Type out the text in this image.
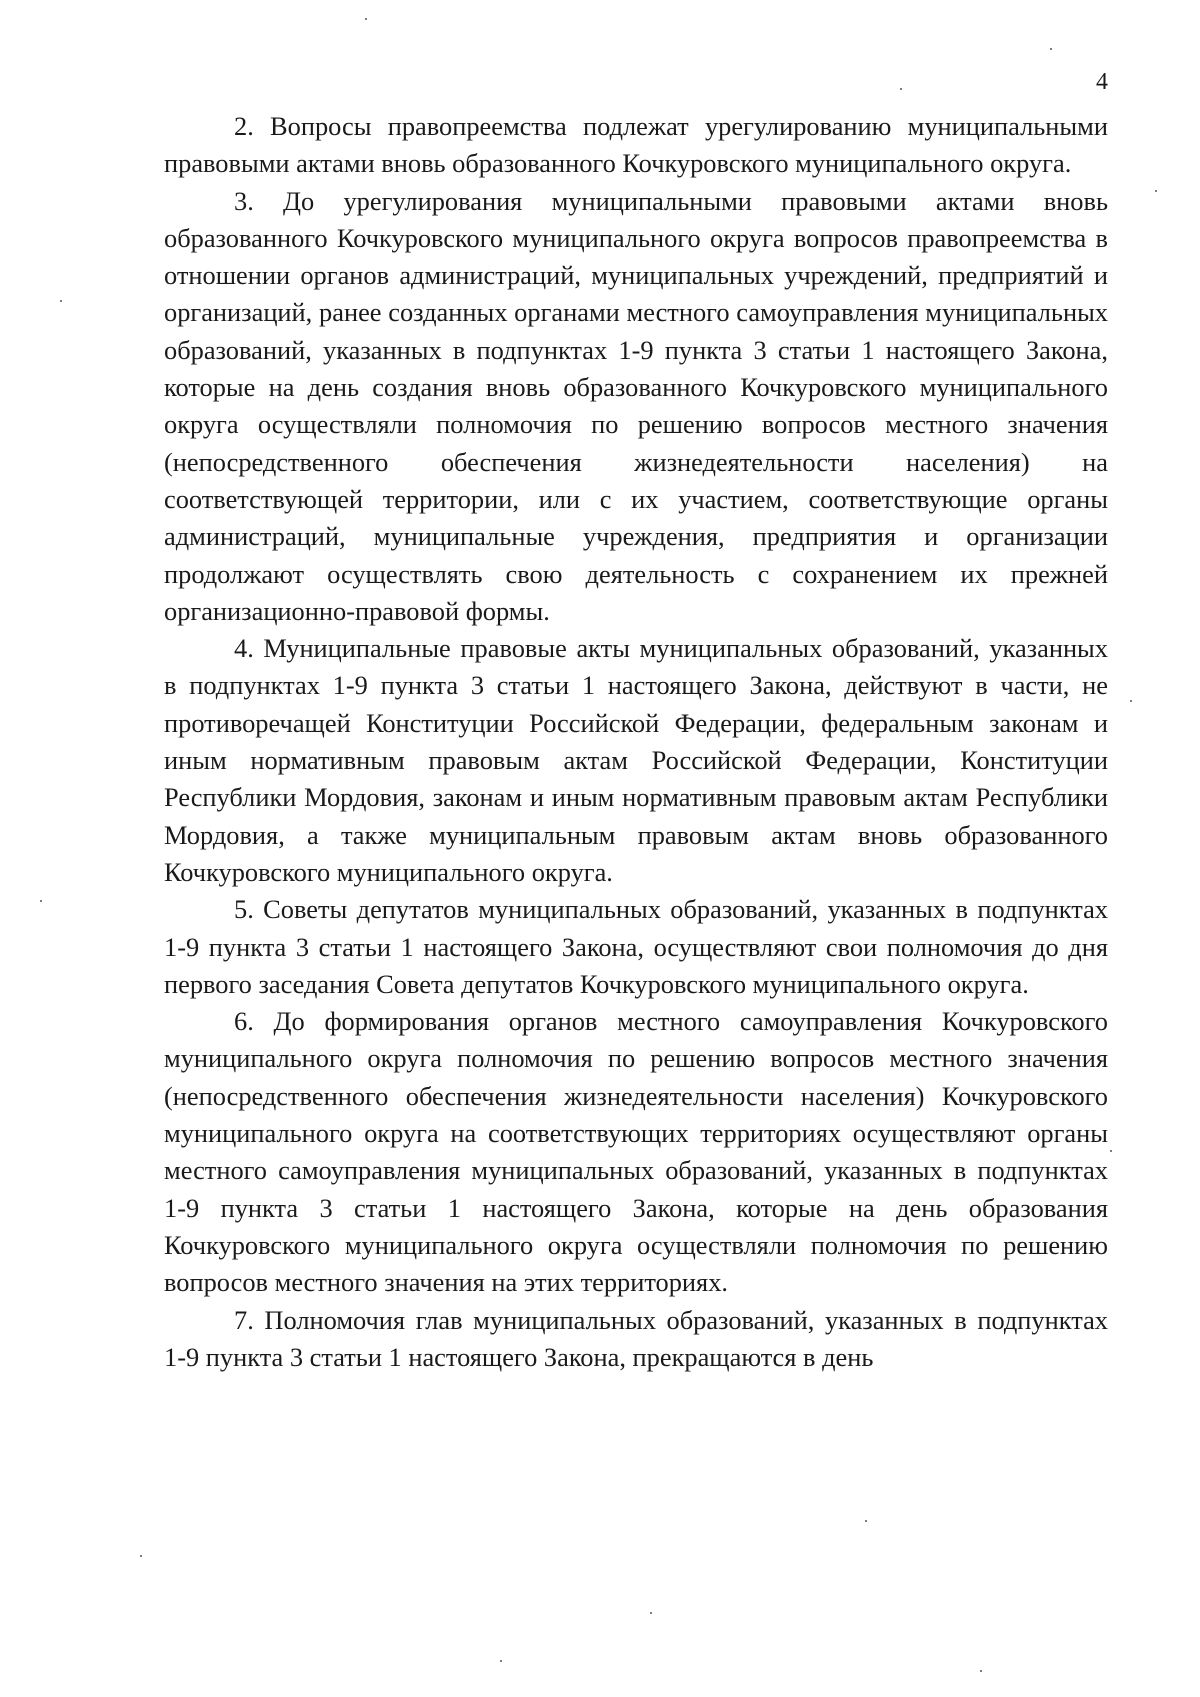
4

2. Вопросы правопреемства подлежат урегулированию муниципальными правовыми актами вновь образованного Кочкуровского муниципального округа.

3. До урегулирования муниципальными правовыми актами вновь образованного Кочкуровского муниципального округа вопросов правопреемства в отношении органов администраций, муниципальных учреждений, предприятий и организаций, ранее созданных органами местного самоуправления муниципальных образований, указанных в подпунктах 1-9 пункта 3 статьи 1 настоящего Закона, которые на день создания вновь образованного Кочкуровского муниципального округа осуществляли полномочия по решению вопросов местного значения (непосредственного обеспечения жизнедеятельности населения) на соответствующей территории, или с их участием, соответствующие органы администраций, муниципальные учреждения, предприятия и организации продолжают осуществлять свою деятельность с сохранением их прежней организационно-правовой формы.

4. Муниципальные правовые акты муниципальных образований, указанных в подпунктах 1-9 пункта 3 статьи 1 настоящего Закона, действуют в части, не противоречащей Конституции Российской Федерации, федеральным законам и иным нормативным правовым актам Российской Федерации, Конституции Республики Мордовия, законам и иным нормативным правовым актам Республики Мордовия, а также муниципальным правовым актам вновь образованного Кочкуровского муниципального округа.

5. Советы депутатов муниципальных образований, указанных в подпунктах 1-9 пункта 3 статьи 1 настоящего Закона, осуществляют свои полномочия до дня первого заседания Совета депутатов Кочкуровского муниципального округа.

6. До формирования органов местного самоуправления Кочкуровского муниципального округа полномочия по решению вопросов местного значения (непосредственного обеспечения жизнедеятельности населения) Кочкуровского муниципального округа на соответствующих территориях осуществляют органы местного самоуправления муниципальных образований, указанных в подпунктах 1-9 пункта 3 статьи 1 настоящего Закона, которые на день образования Кочкуровского муниципального округа осуществляли полномочия по решению вопросов местного значения на этих территориях.

7. Полномочия глав муниципальных образований, указанных в подпунктах 1-9 пункта 3 статьи 1 настоящего Закона, прекращаются в день
